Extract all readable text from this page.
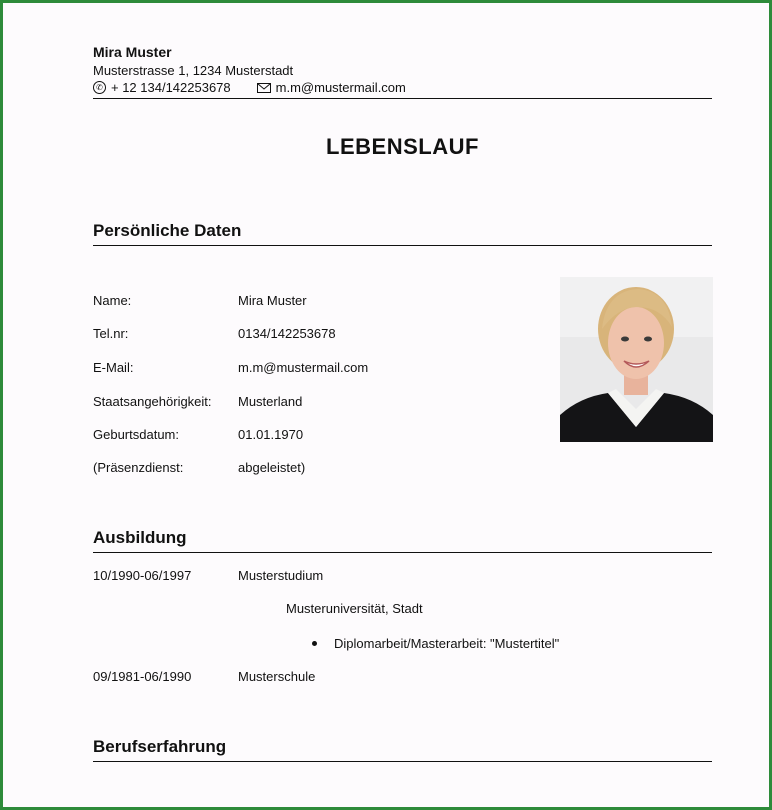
Mira Muster
Musterstrasse 1, 1234 Musterstadt
✆ + 12 134/142253678	m.m@mustermail.com
LEBENSLAUF
Persönliche Daten
Name:	Mira Muster
Tel.nr:	0134/142253678
E-Mail:	m.m@mustermail.com
Staatsangehörigkeit: Musterland
Geburtsdatum:	01.01.1970
(Präsenzdienst:	abgeleistet)
Ausbildung
10/1990-06/1997	Musterstudium
Musteruniversität, Stadt
Diplomarbeit/Masterarbeit: "Mustertitel"
09/1981-06/1990	Musterschule
Berufserfahrung
